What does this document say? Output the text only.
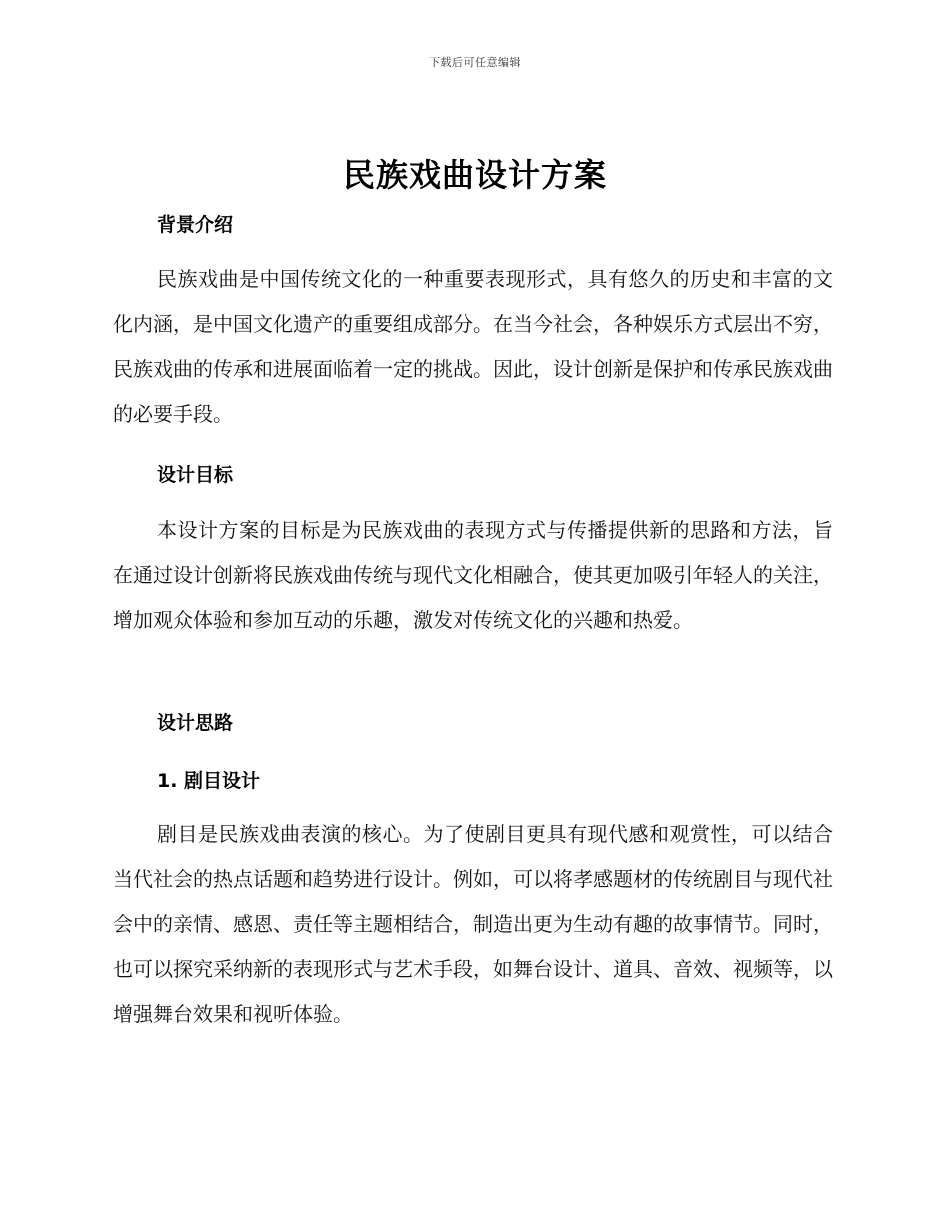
下载后可任意编辑
民族戏曲设计方案
背景介绍
民族戏曲是中国传统文化的一种重要表现形式，具有悠久的历史和丰富的文化内涵，是中国文化遗产的重要组成部分。在当今社会，各种娱乐方式层出不穷，民族戏曲的传承和进展面临着一定的挑战。因此，设计创新是保护和传承民族戏曲的必要手段。
设计目标
本设计方案的目标是为民族戏曲的表现方式与传播提供新的思路和方法，旨在通过设计创新将民族戏曲传统与现代文化相融合，使其更加吸引年轻人的关注，增加观众体验和参加互动的乐趣，激发对传统文化的兴趣和热爱。
设计思路
1. 剧目设计
剧目是民族戏曲表演的核心。为了使剧目更具有现代感和观赏性，可以结合当代社会的热点话题和趋势进行设计。例如，可以将孝感题材的传统剧目与现代社会中的亲情、感恩、责任等主题相结合，制造出更为生动有趣的故事情节。同时，也可以探究采纳新的表现形式与艺术手段，如舞台设计、道具、音效、视频等，以增强舞台效果和视听体验。
